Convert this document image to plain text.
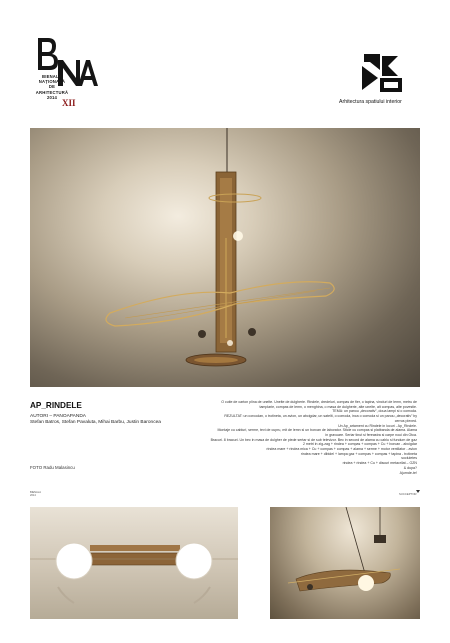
BIENALA
NAȚIONALĂ
DE
ARHITECTURĂ
2014
XII	Arhitectura spatiului interior
AP_RINDELE
AUTORI – PANOAPANDA
Stefan Batros, Stefan Pavaluta, Mihai Barbu, Justin Baroncea
FOTO Radu Malasincu

O cutie de carton plina de unelte. Unelte de dulgherie. Rindele, dredeluri, compas de fier, o tapina, vincluri de lemn, metru de

tamplarie, compas de lemn, o menghina, o masa de dulgherie, alte unelte, alt compas, alte povestie.

TEMA: un panou „decorativ”, doua lampi si o comoda.

REZULTAT: un corcodan, o trotineta, un avion, un abcigdar, un satelit, o comoda, inca o comoda si un panou „decorativ” by

cerrus plexed.

Un Ap_artament cu Rindele in locuri - Ap_Rindele.

Montaje cu cabluri, serme, tevi de cupru, mit de lemn si un borcan de laborator. Sticle cu compas si platbanda de alama. Alama

in gravuare. Seriar tinut si fereastra si carpe noui din Otca.

Bracuri. 8 bracuri. Un bec in masa de dulgher de piede sertar si de sub televizor. Bec in secord de alama cu cablu si fundum de gaz

2 metri in zig-zag + rindea + compas + compas + Cu + borcan - abcigdar

rindea mare + rindea mica + Cu + compas + compas + alama + serme + motor ventilator - avion

rindea mare + dibidel + lampa gaz + compas + compas + tapina - trotineta

socluletes

rindea + rindea + Cu + discuri metacrilat – OZN

& dupa?

Ajurnde-te!

BIENALA
2014	SUCCEPTOR
